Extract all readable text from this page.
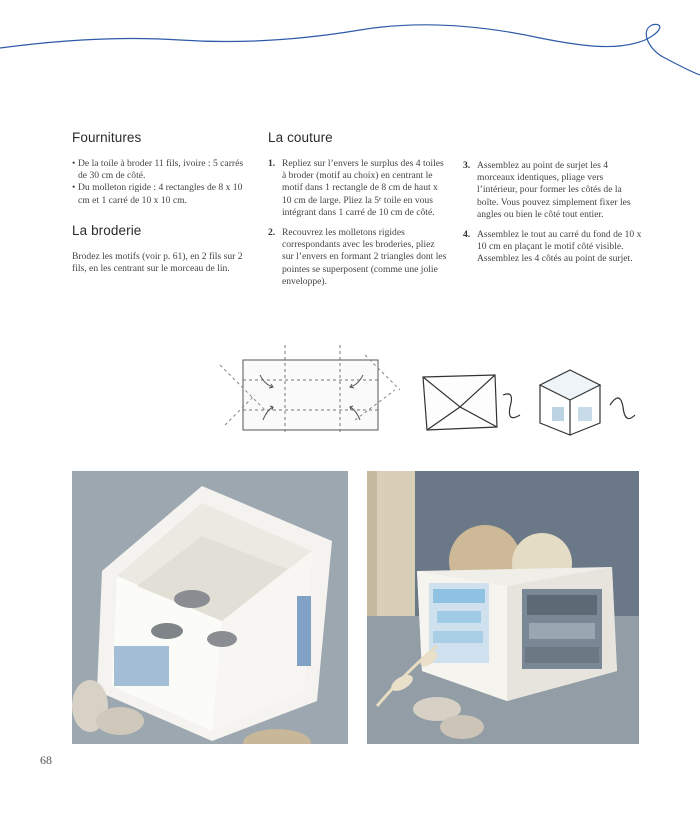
Fournitures
• De la toile à broder 11 fils, ivoire : 5 carrés de 30 cm de côté.
• Du molleton rigide : 4 rectangles de 8 x 10 cm et 1 carré de 10 x 10 cm.
La broderie

Brodez les motifs (voir p. 61), en 2 fils sur 2 fils, en les centrant sur le morceau de lin.

La couture
1. Repliez sur l’envers le surplus des 4 toiles à broder (motif au choix) en centrant le motif dans 1 rectangle de 8 cm de haut x 10 cm de large. Pliez la 5ᵉ toile en vous intégrant dans 1 carré de 10 cm de côté.
2. Recouvrez les molletons rigides correspondants avec les broderies, pliez sur l’envers en formant 2 triangles dont les pointes se superposent (comme une jolie enveloppe).
3. Assemblez au point de surjet les 4 morceaux identiques, pliage vers l’intérieur, pour former les côtés de la boîte. Vous pouvez simplement fixer les angles ou bien le côté tout entier.
4. Assemblez le tout au carré du fond de 10 x 10 cm en plaçant le motif côté visible. Assemblez les 4 côtés au point de surjet.
68
